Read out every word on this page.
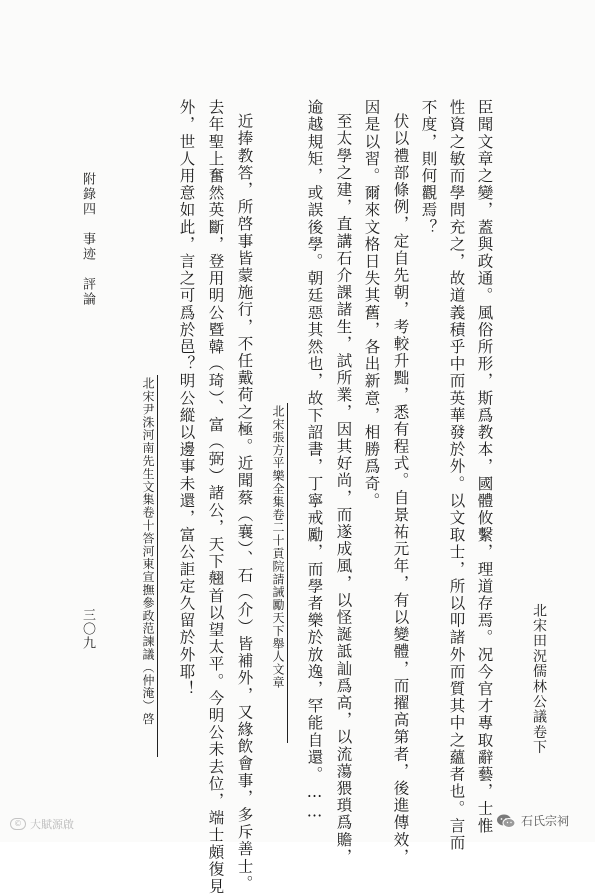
北宋田況儒林公議卷下
臣聞文章之變，蓋與政通。風俗所形，斯爲教本，國體攸繫，理道存焉。况今官才專取辭藝，士惟
性資之敏而學問充之，故道義積乎中而英華發於外。以文取士，所以叩諸外而質其中之蘊者也。言而
不度，則何觀焉？
伏以禮部條例，定自先朝，考較升黜，悉有程式。自景祐元年，有以變體，而擢高第者，後進傳效，
因是以習。爾來文格日失其舊，各出新意，相勝爲奇。
至太學之建，直講石介課諸生，試所業，因其好尚，而遂成風，以怪誕詆訕爲高，以流蕩猥瑣爲贍，
逾越規矩，或誤後學。朝廷惡其然也，故下詔書，丁寧戒勵，而學者樂於放逸，罕能自還。……
北宋張方平樂全集卷二十貢院請誡勵天下舉人文章
近捧教答，所啓事皆蒙施行，不任戴荷之極。近聞蔡（襄）、石（介）皆補外，又緣飲會事，多斥善士。
去年聖上奮然英斷，登用明公暨韓（琦）、富（弼）諸公，天下翹首以望太平。今明公未去位，端士頗復見
外，世人用意如此，言之可爲於邑？明公縱以邊事未還，富公詎定久留於外耶！
北宋尹洙河南先生文集卷十答河東宣撫參政范諫議（仲淹）啓
附錄四　事迹　評論
三〇九
© 大賦源啟	石氏宗祠
